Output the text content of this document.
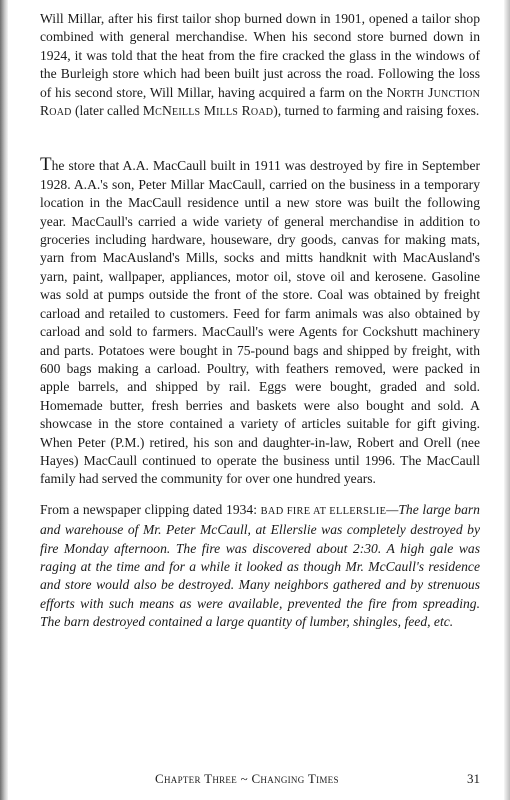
Will Millar, after his first tailor shop burned down in 1901, opened a tailor shop combined with general merchandise. When his second store burned down in 1924, it was told that the heat from the fire cracked the glass in the windows of the Burleigh store which had been built just across the road. Following the loss of his second store, Will Millar, having acquired a farm on the North Junction Road (later called McNeills Mills Road), turned to farming and raising foxes.

The store that A.A. MacCaull built in 1911 was destroyed by fire in September 1928. A.A.'s son, Peter Millar MacCaull, carried on the business in a temporary location in the MacCaull residence until a new store was built the following year. MacCaull's carried a wide variety of general merchandise in addition to groceries including hardware, houseware, dry goods, canvas for making mats, yarn from MacAusland's Mills, socks and mitts handknit with MacAusland's yarn, paint, wallpaper, appliances, motor oil, stove oil and kerosene. Gasoline was sold at pumps outside the front of the store. Coal was obtained by freight carload and retailed to customers. Feed for farm animals was also obtained by carload and sold to farmers. MacCaull's were Agents for Cockshutt machinery and parts. Potatoes were bought in 75-pound bags and shipped by freight, with 600 bags making a carload. Poultry, with feathers removed, were packed in apple barrels, and shipped by rail. Eggs were bought, graded and sold. Homemade butter, fresh berries and baskets were also bought and sold. A showcase in the store contained a variety of articles suitable for gift giving. When Peter (P.M.) retired, his son and daughter-in-law, Robert and Orell (nee Hayes) MacCaull continued to operate the business until 1996. The MacCaull family had served the community for over one hundred years.

From a newspaper clipping dated 1934: BAD FIRE AT ELLERSLIE—The large barn and warehouse of Mr. Peter McCaull, at Ellerslie was completely destroyed by fire Monday afternoon. The fire was discovered about 2:30. A high gale was raging at the time and for a while it looked as though Mr. McCaull's residence and store would also be destroyed. Many neighbors gathered and by strenuous efforts with such means as were available, prevented the fire from spreading. The barn destroyed contained a large quantity of lumber, shingles, feed, etc.

Chapter Three ~ Changing Times	31
